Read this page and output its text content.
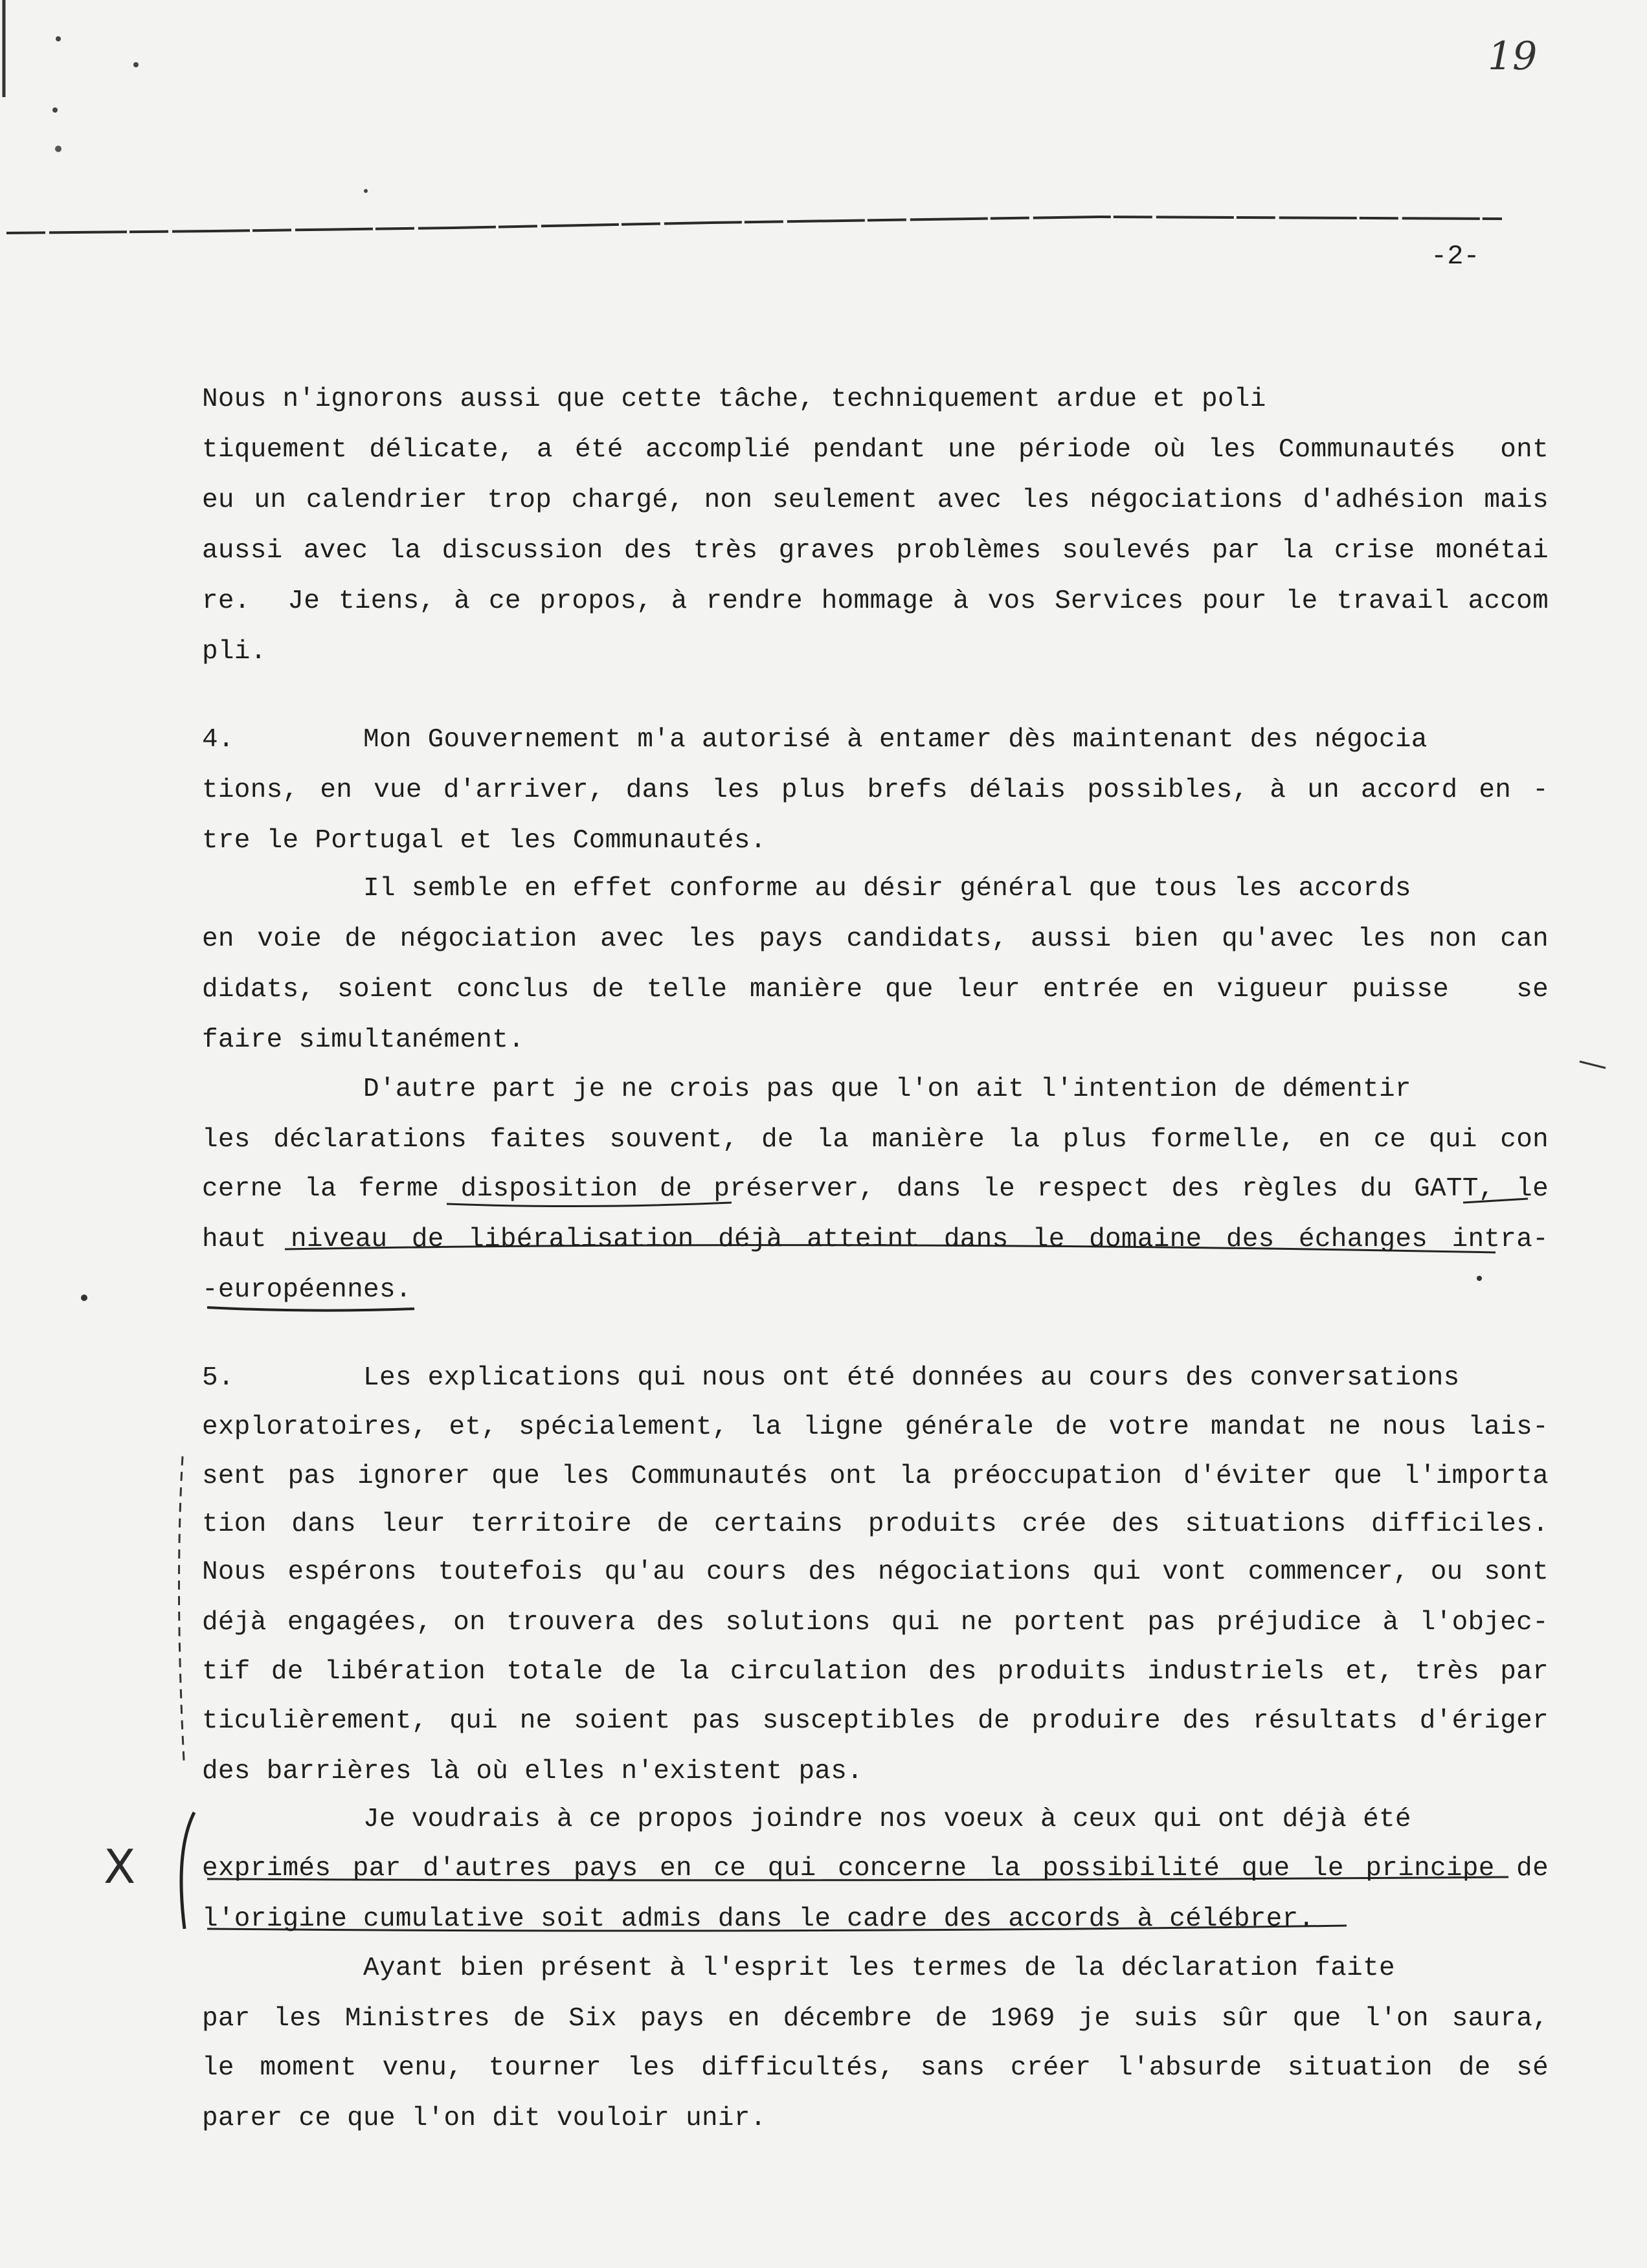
19
-2-
X
Nous n'ignorons aussi que cette tâche, techniquement ardue et poli
tiquement délicate, a été accomplié pendant une période où les Communautés  ont
eu un calendrier trop chargé, non seulement avec les négociations d'adhésion mais
aussi avec la discussion des très graves problèmes soulevés par la crise monétai
re.  Je tiens, à ce propos, à rendre hommage à vos Services pour le travail accom
pli.
4.        Mon Gouvernement m'a autorisé à entamer dès maintenant des négocia
tions, en vue d'arriver, dans les plus brefs délais possibles, à un accord en -
tre le Portugal et les Communautés.
Il semble en effet conforme au désir général que tous les accords
en voie de négociation avec les pays candidats, aussi bien qu'avec les non can
didats, soient conclus de telle manière que leur entrée en vigueur puisse   se
faire simultanément.
D'autre part je ne crois pas que l'on ait l'intention de démentir
les déclarations faites souvent, de la manière la plus formelle, en ce qui con
cerne la ferme disposition de préserver, dans le respect des règles du GATT, le
haut niveau de libéralisation déjà atteint dans le domaine des échanges intra-
-européennes.
5.        Les explications qui nous ont été données au cours des conversations
exploratoires, et, spécialement, la ligne générale de votre mandat ne nous lais-
sent pas ignorer que les Communautés ont la préoccupation d'éviter que l'importa
tion dans leur territoire de certains produits crée des situations difficiles.
Nous espérons toutefois qu'au cours des négociations qui vont commencer, ou sont
déjà engagées, on trouvera des solutions qui ne portent pas préjudice à l'objec-
tif de libération totale de la circulation des produits industriels et, très par
ticulièrement, qui ne soient pas susceptibles de produire des résultats d'ériger
des barrières là où elles n'existent pas.
Je voudrais à ce propos joindre nos voeux à ceux qui ont déjà été
exprimés par d'autres pays en ce qui concerne la possibilité que le principe de
l'origine cumulative soit admis dans le cadre des accords à célébrer.
Ayant bien présent à l'esprit les termes de la déclaration faite
par les Ministres de Six pays en décembre de 1969 je suis sûr que l'on saura,
le moment venu, tourner les difficultés, sans créer l'absurde situation de sé
parer ce que l'on dit vouloir unir.
